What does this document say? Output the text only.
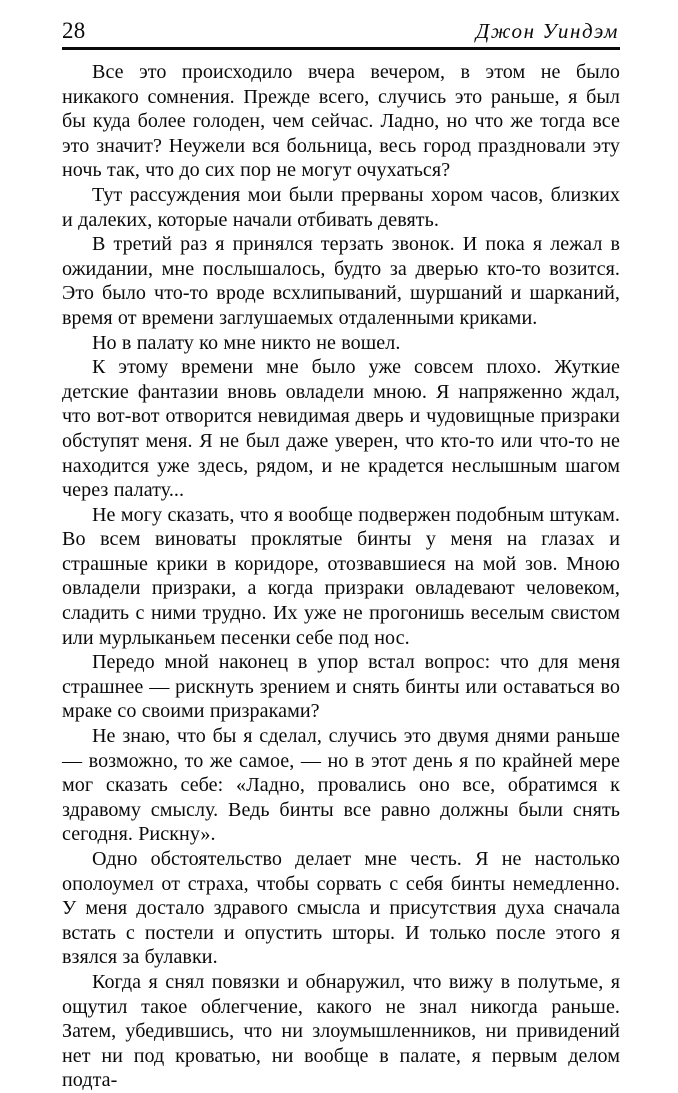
28	Джон Уиндэм

Все это происходило вчера вечером, в этом не было никакого сомнения. Прежде всего, случись это раньше, я был бы куда более голоден, чем сейчас. Ладно, но что же тогда все это значит? Неужели вся больница, весь город праздновали эту ночь так, что до сих пор не могут очухаться?

Тут рассуждения мои были прерваны хором часов, близких и далеких, которые начали отбивать девять.

В третий раз я принялся терзать звонок. И пока я лежал в ожидании, мне послышалось, будто за дверью кто-то возится. Это было что-то вроде всхлипываний, шуршаний и шарканий, время от времени заглушаемых отдаленными криками.

Но в палату ко мне никто не вошел.

К этому времени мне было уже совсем плохо. Жуткие детские фантазии вновь овладели мною. Я напряженно ждал, что вот-вот отворится невидимая дверь и чудовищные призраки обступят меня. Я не был даже уверен, что кто-то или что-то не находится уже здесь, рядом, и не крадется неслышным шагом через палату...

Не могу сказать, что я вообще подвержен подобным штукам. Во всем виноваты проклятые бинты у меня на глазах и страшные крики в коридоре, отозвавшиеся на мой зов. Мною овладели призраки, а когда призраки овладевают человеком, сладить с ними трудно. Их уже не прогонишь веселым свистом или мурлыканьем песенки себе под нос.

Передо мной наконец в упор встал вопрос: что для меня страшнее — рискнуть зрением и снять бинты или оставаться во мраке со своими призраками?

Не знаю, что бы я сделал, случись это двумя днями раньше — возможно, то же самое, — но в этот день я по крайней мере мог сказать себе: «Ладно, провались оно все, обратимся к здравому смыслу. Ведь бинты все равно должны были снять сегодня. Рискну».

Одно обстоятельство делает мне честь. Я не настолько ополоумел от страха, чтобы сорвать с себя бинты немедленно. У меня достало здравого смысла и присутствия духа сначала встать с постели и опустить шторы. И только после этого я взялся за булавки.

Когда я снял повязки и обнаружил, что вижу в полутьме, я ощутил такое облегчение, какого не знал никогда раньше. Затем, убедившись, что ни злоумышленников, ни привидений нет ни под кроватью, ни вообще в палате, я первым делом подта-
